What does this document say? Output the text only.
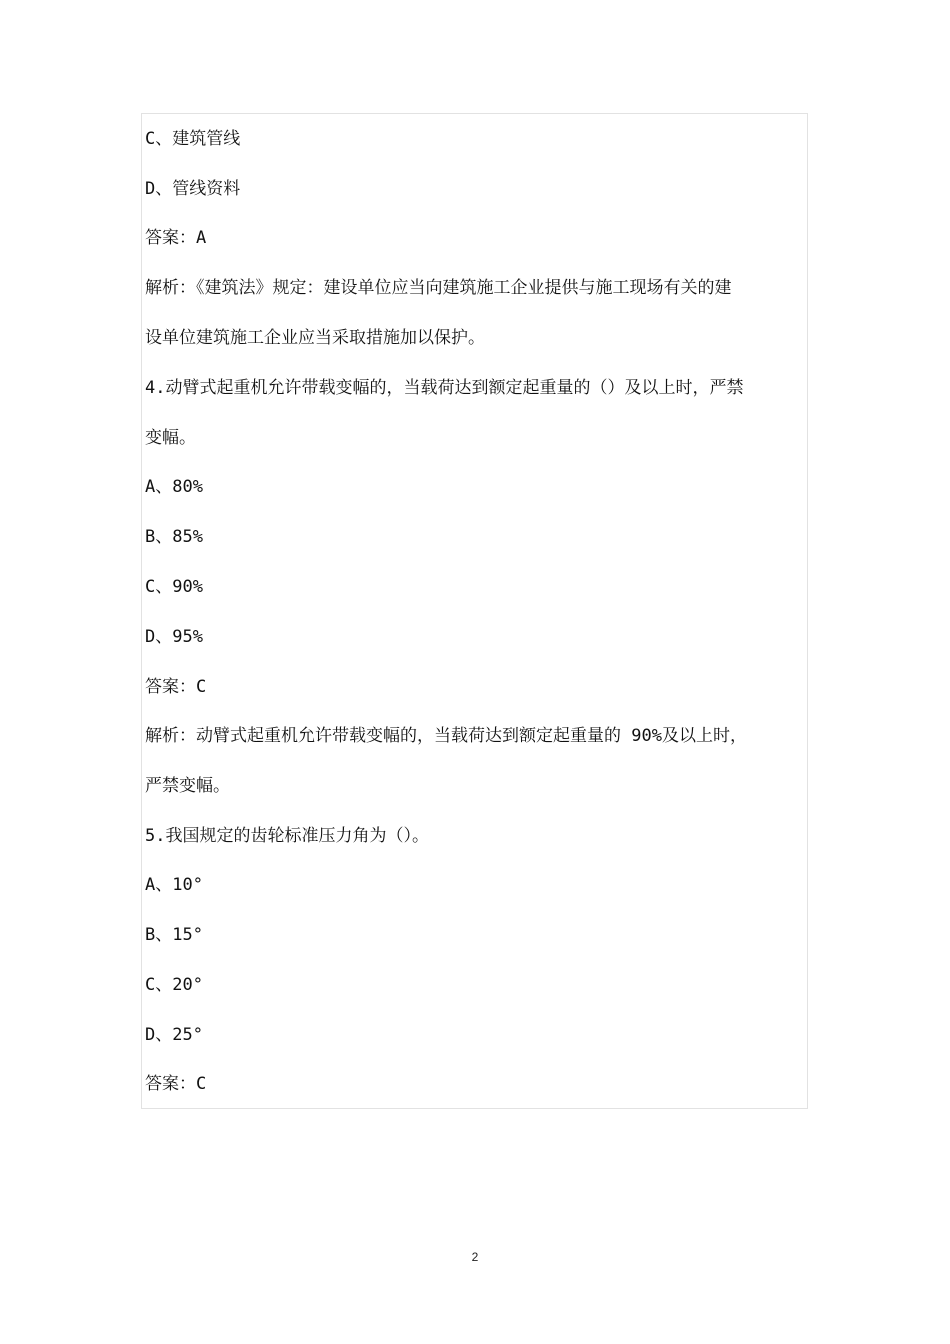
C、建筑管线
D、管线资料
答案：A
解析：《建筑法》规定：建设单位应当向建筑施工企业提供与施工现场有关的建
设单位建筑施工企业应当采取措施加以保护。
4.动臂式起重机允许带载变幅的，当载荷达到额定起重量的（）及以上时，严禁
变幅。
A、80%
B、85%
C、90%
D、95%
答案：C
解析：动臂式起重机允许带载变幅的，当载荷达到额定起重量的 90%及以上时，
严禁变幅。
5.我国规定的齿轮标准压力角为（）。
A、10°
B、15°
C、20°
D、25°
答案：C
2
